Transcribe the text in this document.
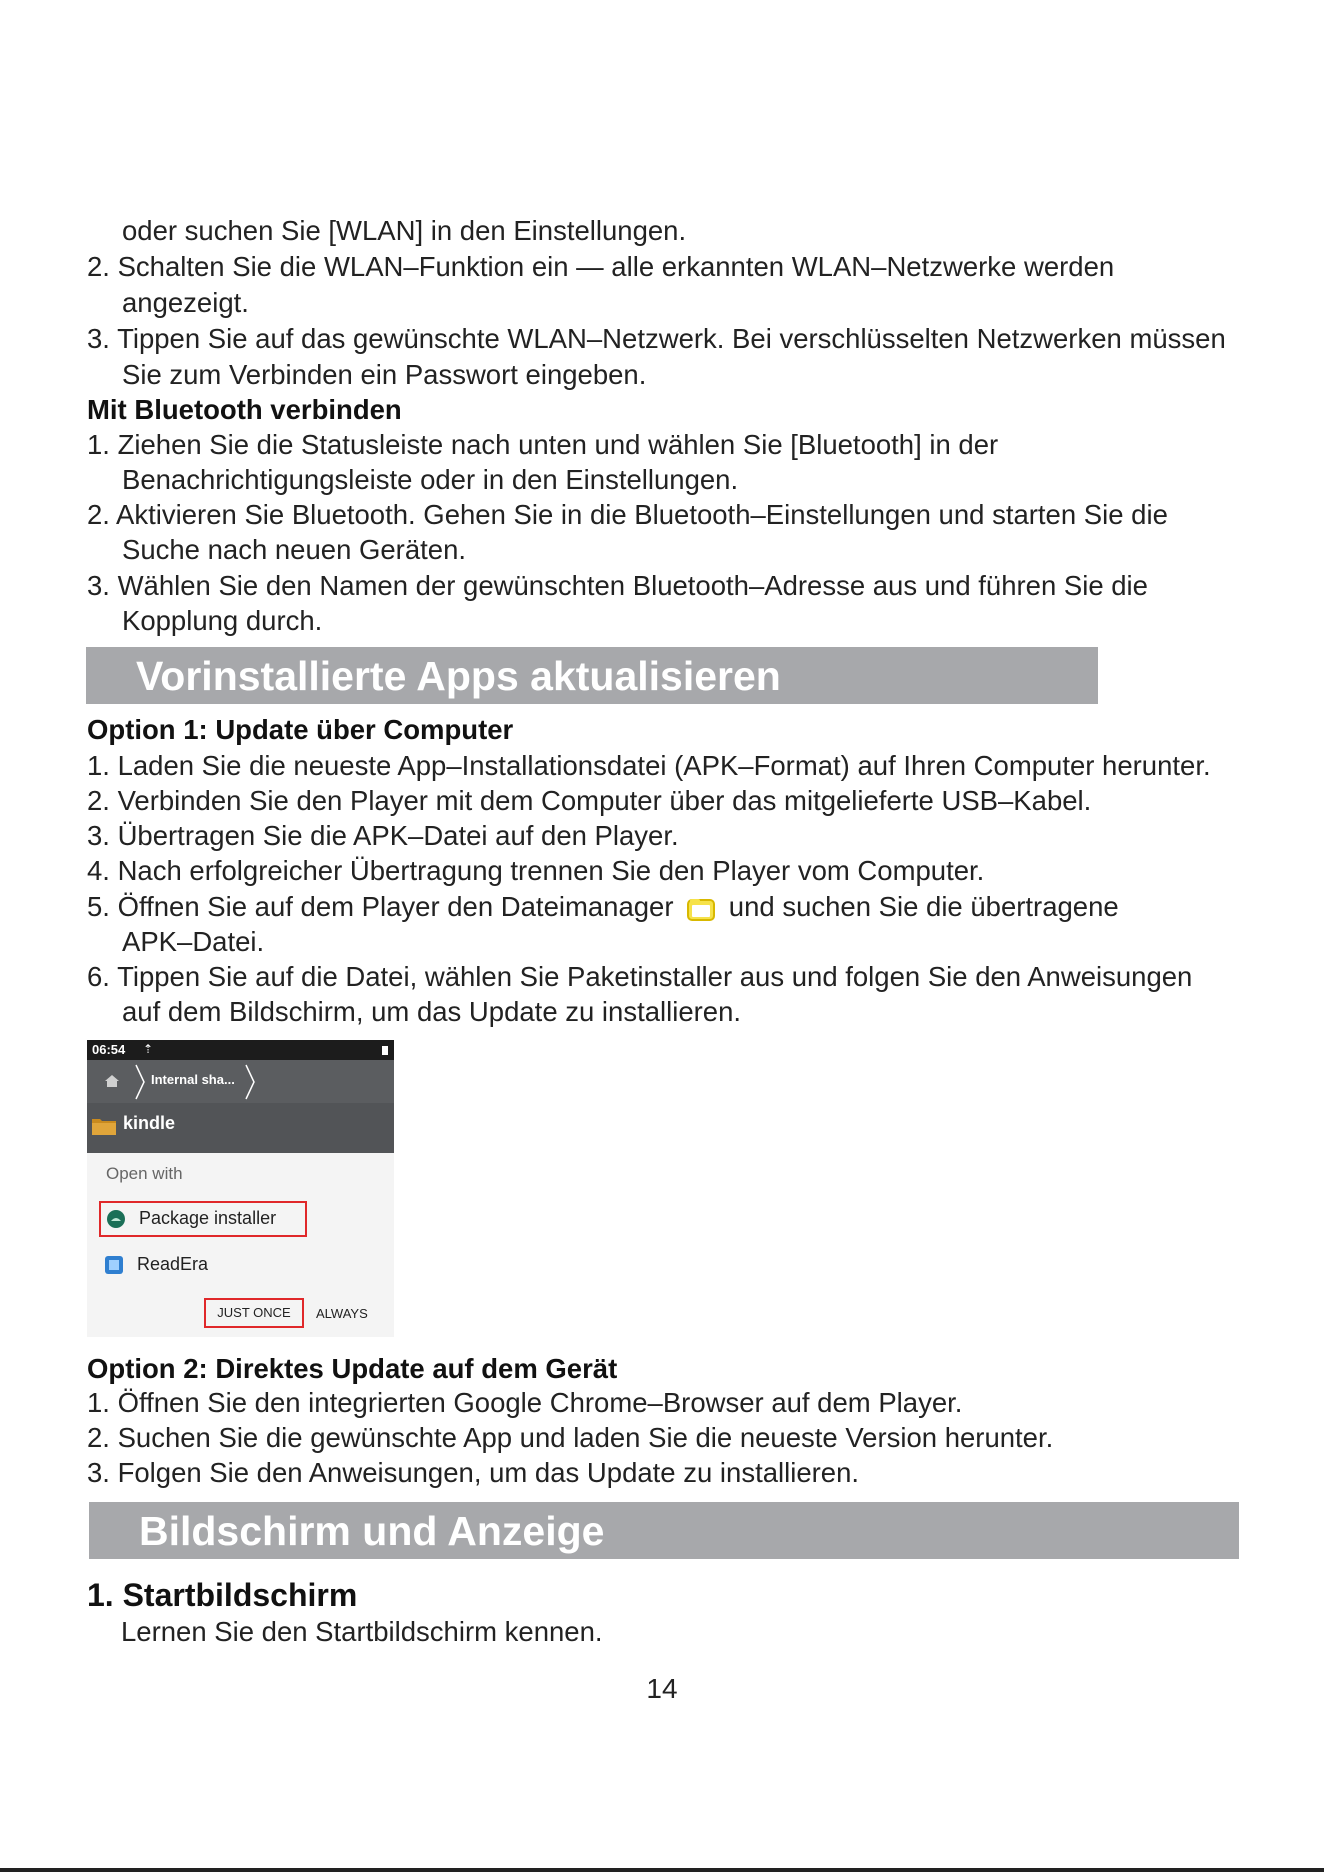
oder suchen Sie [WLAN] in den Einstellungen.
2. Schalten Sie die WLAN–Funktion ein — alle erkannten WLAN–Netzwerke werden
angezeigt.
3. Tippen Sie auf das gewünschte WLAN–Netzwerk. Bei verschlüsselten Netzwerken müssen
Sie zum Verbinden ein Passwort eingeben.
Mit Bluetooth verbinden
1. Ziehen Sie die Statusleiste nach unten und wählen Sie [Bluetooth] in der
Benachrichtigungsleiste oder in den Einstellungen.
2. Aktivieren Sie Bluetooth. Gehen Sie in die Bluetooth–Einstellungen und starten Sie die
Suche nach neuen Geräten.
3. Wählen Sie den Namen der gewünschten Bluetooth–Adresse aus und führen Sie die
Kopplung durch.
Vorinstallierte Apps aktualisieren
Option 1: Update über Computer
1. Laden Sie die neueste App–Installationsdatei (APK–Format) auf Ihren Computer herunter.
2. Verbinden Sie den Player mit dem Computer über das mitgelieferte USB–Kabel.
3. Übertragen Sie die APK–Datei auf den Player.
4. Nach erfolgreicher Übertragung trennen Sie den Player vom Computer.
5. Öffnen Sie auf dem Player den Dateimanager und suchen Sie die übertragene
APK–Datei.
6. Tippen Sie auf die Datei, wählen Sie Paketinstaller aus und folgen Sie den Anweisungen
auf dem Bildschirm, um das Update zu installieren.
06:54 ⇡
Internal sha...
kindle
Open with
Package installer
ReadEra
JUST ONCE	ALWAYS
Option 2: Direktes Update auf dem Gerät
1. Öffnen Sie den integrierten Google Chrome–Browser auf dem Player.
2. Suchen Sie die gewünschte App und laden Sie die neueste Version herunter.
3. Folgen Sie den Anweisungen, um das Update zu installieren.
Bildschirm und Anzeige
1. Startbildschirm
Lernen Sie den Startbildschirm kennen.
14
